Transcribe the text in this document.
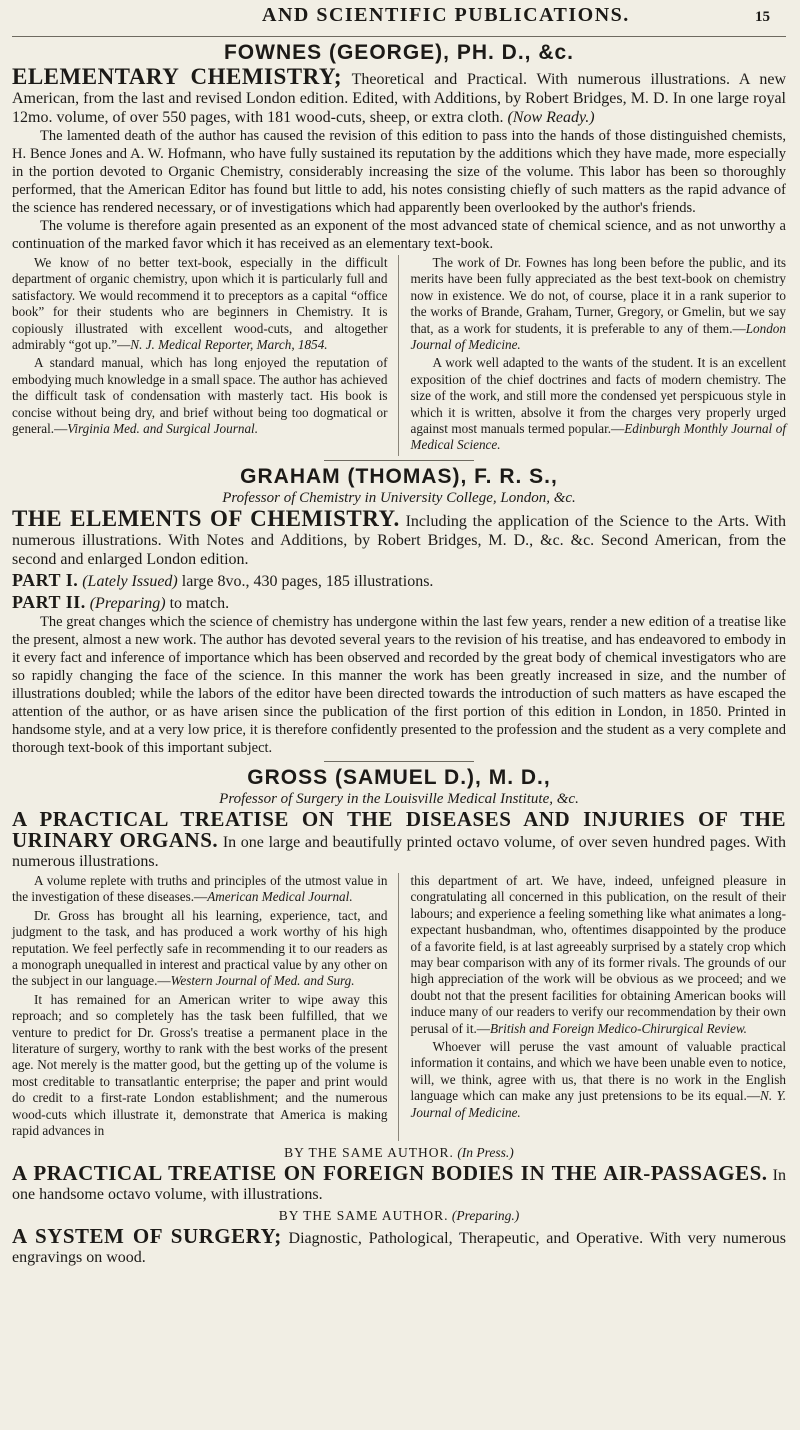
AND SCIENTIFIC PUBLICATIONS.	15

FOWNES (GEORGE), PH. D., &c.

ELEMENTARY CHEMISTRY; Theoretical and Practical. With numerous illustrations. A new American, from the last and revised London edition. Edited, with Additions, by Robert Bridges, M. D. In one large royal 12mo. volume, of over 550 pages, with 181 wood-cuts, sheep, or extra cloth. (Now Ready.)

The lamented death of the author has caused the revision of this edition to pass into the hands of those distinguished chemists, H. Bence Jones and A. W. Hofmann, who have fully sustained its reputation by the additions which they have made, more especially in the portion devoted to Organic Chemistry, considerably increasing the size of the volume. This labor has been so thoroughly performed, that the American Editor has found but little to add, his notes consisting chiefly of such matters as the rapid advance of the science has rendered necessary, or of investigations which had apparently been overlooked by the author's friends.

The volume is therefore again presented as an exponent of the most advanced state of chemical science, and as not unworthy a continuation of the marked favor which it has received as an elementary text-book.

We know of no better text-book, especially in the difficult department of organic chemistry, upon which it is particularly full and satisfactory. We would recommend it to preceptors as a capital “office book” for their students who are beginners in Chemistry. It is copiously illustrated with excellent wood-cuts, and altogether admirably “got up.”—N. J. Medical Reporter, March, 1854.

A standard manual, which has long enjoyed the reputation of embodying much knowledge in a small space. The author has achieved the difficult task of condensation with masterly tact. His book is concise without being dry, and brief without being too dogmatical or general.—Virginia Med. and Surgical Journal.

The work of Dr. Fownes has long been before the public, and its merits have been fully appreciated as the best text-book on chemistry now in existence. We do not, of course, place it in a rank superior to the works of Brande, Graham, Turner, Gregory, or Gmelin, but we say that, as a work for students, it is preferable to any of them.—London Journal of Medicine.

A work well adapted to the wants of the student. It is an excellent exposition of the chief doctrines and facts of modern chemistry. The size of the work, and still more the condensed yet perspicuous style in which it is written, absolve it from the charges very properly urged against most manuals termed popular.—Edinburgh Monthly Journal of Medical Science.

GRAHAM (THOMAS), F. R. S.,

Professor of Chemistry in University College, London, &c.

THE ELEMENTS OF CHEMISTRY. Including the application of the Science to the Arts. With numerous illustrations. With Notes and Additions, by Robert Bridges, M. D., &c. &c. Second American, from the second and enlarged London edition.

PART I. (Lately Issued) large 8vo., 430 pages, 185 illustrations.

PART II. (Preparing) to match.

The great changes which the science of chemistry has undergone within the last few years, render a new edition of a treatise like the present, almost a new work. The author has devoted several years to the revision of his treatise, and has endeavored to embody in it every fact and inference of importance which has been observed and recorded by the great body of chemical investigators who are so rapidly changing the face of the science. In this manner the work has been greatly increased in size, and the number of illustrations doubled; while the labors of the editor have been directed towards the introduction of such matters as have escaped the attention of the author, or as have arisen since the publication of the first portion of this edition in London, in 1850. Printed in handsome style, and at a very low price, it is therefore confidently presented to the profession and the student as a very complete and thorough text-book of this important subject.

GROSS (SAMUEL D.), M. D.,

Professor of Surgery in the Louisville Medical Institute, &c.

A PRACTICAL TREATISE ON THE DISEASES AND INJURIES OF THE URINARY ORGANS. In one large and beautifully printed octavo volume, of over seven hundred pages. With numerous illustrations.

A volume replete with truths and principles of the utmost value in the investigation of these diseases.—American Medical Journal.

Dr. Gross has brought all his learning, experience, tact, and judgment to the task, and has produced a work worthy of his high reputation. We feel perfectly safe in recommending it to our readers as a monograph unequalled in interest and practical value by any other on the subject in our language.—Western Journal of Med. and Surg.

It has remained for an American writer to wipe away this reproach; and so completely has the task been fulfilled, that we venture to predict for Dr. Gross's treatise a permanent place in the literature of surgery, worthy to rank with the best works of the present age. Not merely is the matter good, but the getting up of the volume is most creditable to transatlantic enterprise; the paper and print would do credit to a first-rate London establishment; and the numerous wood-cuts which illustrate it, demonstrate that America is making rapid advances in

this department of art. We have, indeed, unfeigned pleasure in congratulating all concerned in this publication, on the result of their labours; and experience a feeling something like what animates a long-expectant husbandman, who, oftentimes disappointed by the produce of a favorite field, is at last agreeably surprised by a stately crop which may bear comparison with any of its former rivals. The grounds of our high appreciation of the work will be obvious as we proceed; and we doubt not that the present facilities for obtaining American books will induce many of our readers to verify our recommendation by their own perusal of it.—British and Foreign Medico-Chirurgical Review.

Whoever will peruse the vast amount of valuable practical information it contains, and which we have been unable even to notice, will, we think, agree with us, that there is no work in the English language which can make any just pretensions to be its equal.—N. Y. Journal of Medicine.

BY THE SAME AUTHOR. (In Press.)

A PRACTICAL TREATISE ON FOREIGN BODIES IN THE AIR-PASSAGES. In one handsome octavo volume, with illustrations.

BY THE SAME AUTHOR. (Preparing.)

A SYSTEM OF SURGERY; Diagnostic, Pathological, Therapeutic, and Operative. With very numerous engravings on wood.
